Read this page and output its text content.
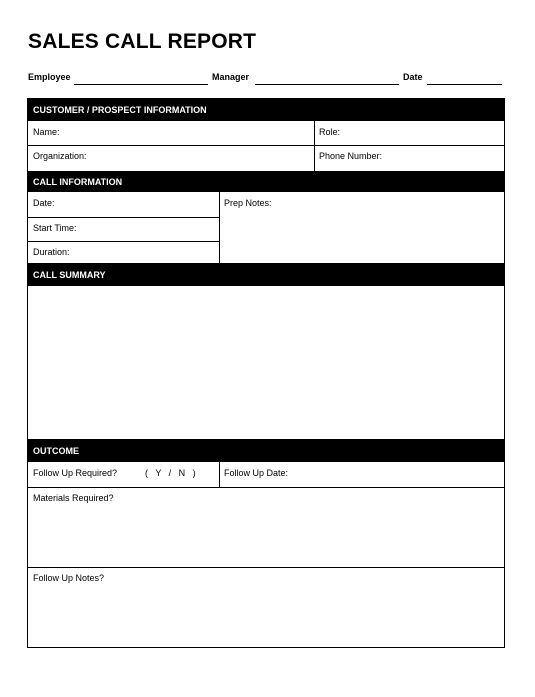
SALES CALL REPORT
Employee	Manager	Date
CUSTOMER / PROSPECT INFORMATION
Name:	Role:
Organization:	Phone Number:
CALL INFORMATION
Date:	Prep Notes:
Start Time:
Duration:
CALL SUMMARY
OUTCOME
Follow Up Required?	( Y / N )	Follow Up Date:
Materials Required?
Follow Up Notes?
